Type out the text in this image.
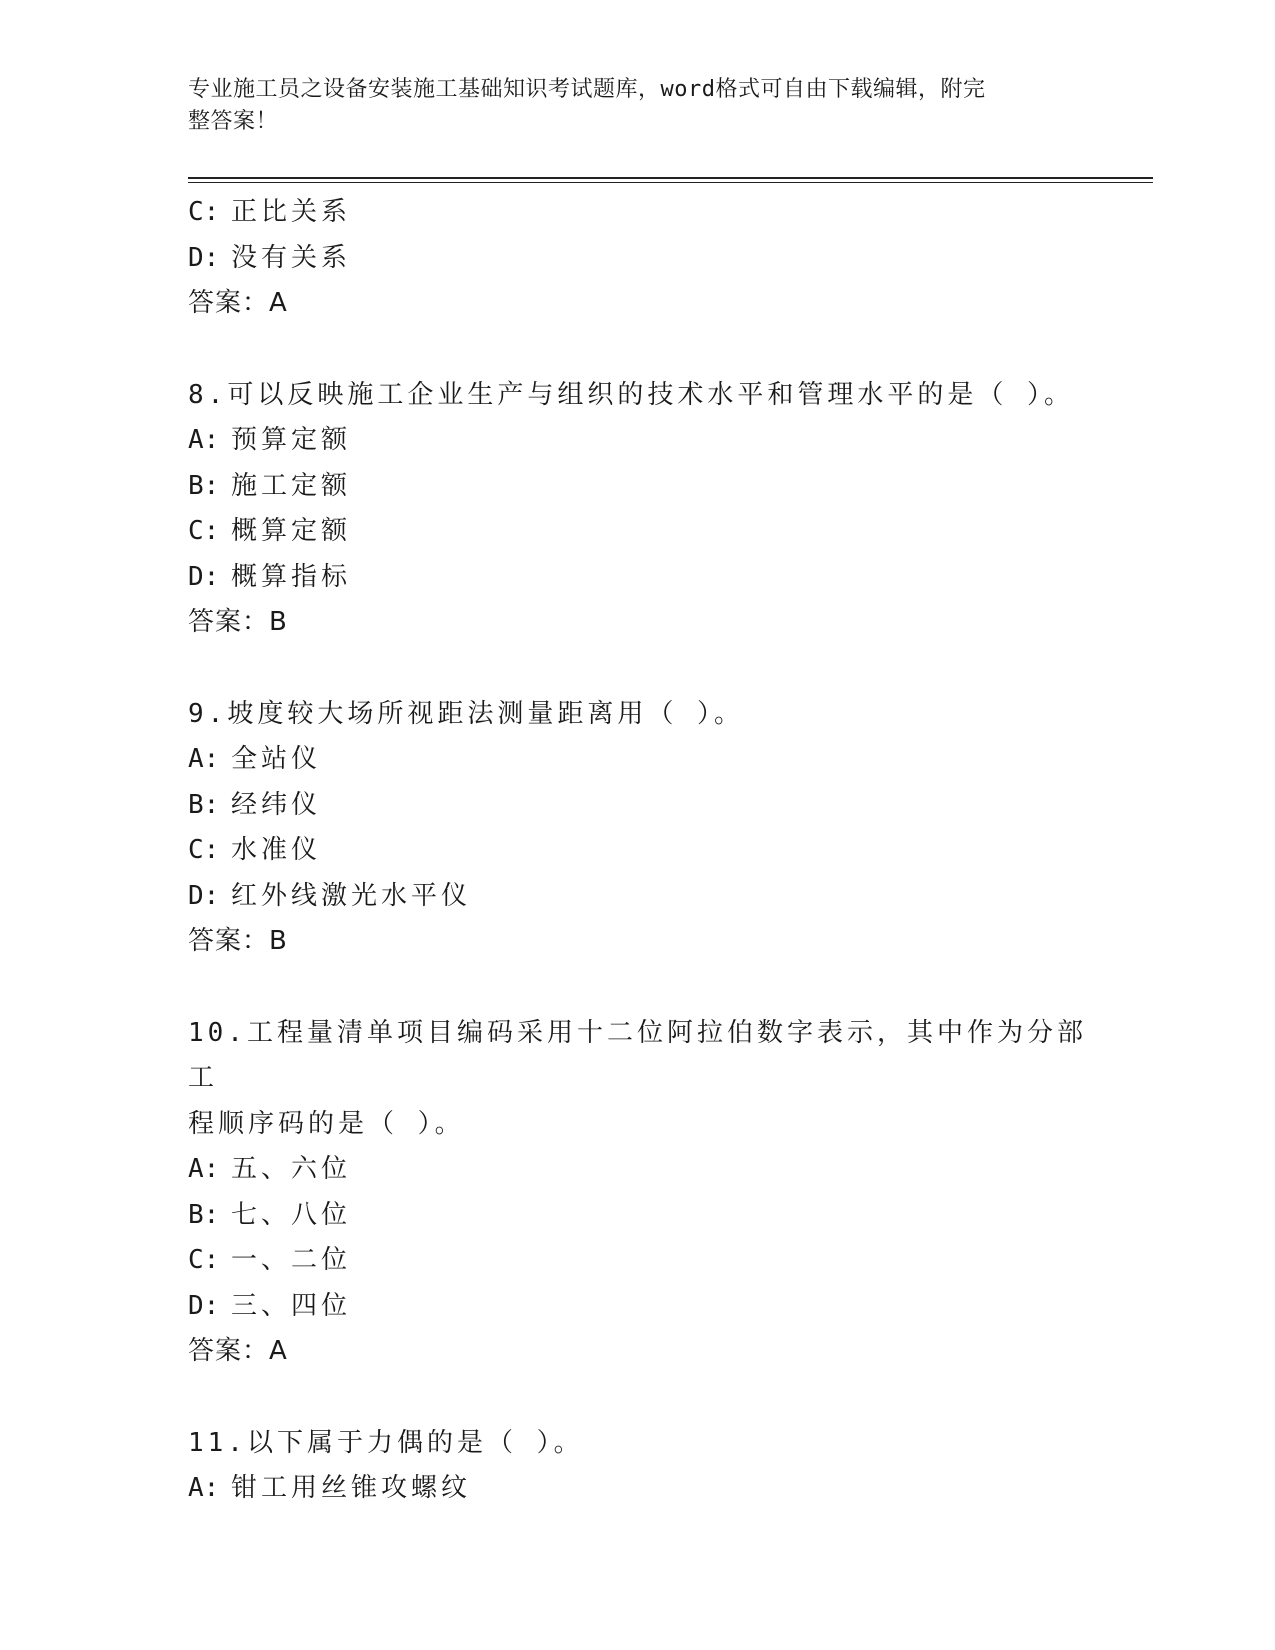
专业施工员之设备安装施工基础知识考试题库，word格式可自由下载编辑，附完
整答案！
C: 正比关系
D: 没有关系
答案：A
8.可以反映施工企业生产与组织的技术水平和管理水平的是（ ）。
A: 预算定额
B: 施工定额
C: 概算定额
D: 概算指标
答案：B
9.坡度较大场所视距法测量距离用（ ）。
A: 全站仪
B: 经纬仪
C: 水准仪
D: 红外线激光水平仪
答案：B
10.工程量清单项目编码采用十二位阿拉伯数字表示，其中作为分部工
程顺序码的是（ ）。
A: 五、六位
B: 七、八位
C: 一、二位
D: 三、四位
答案：A
11.以下属于力偶的是（ ）。
A: 钳工用丝锥攻螺纹
